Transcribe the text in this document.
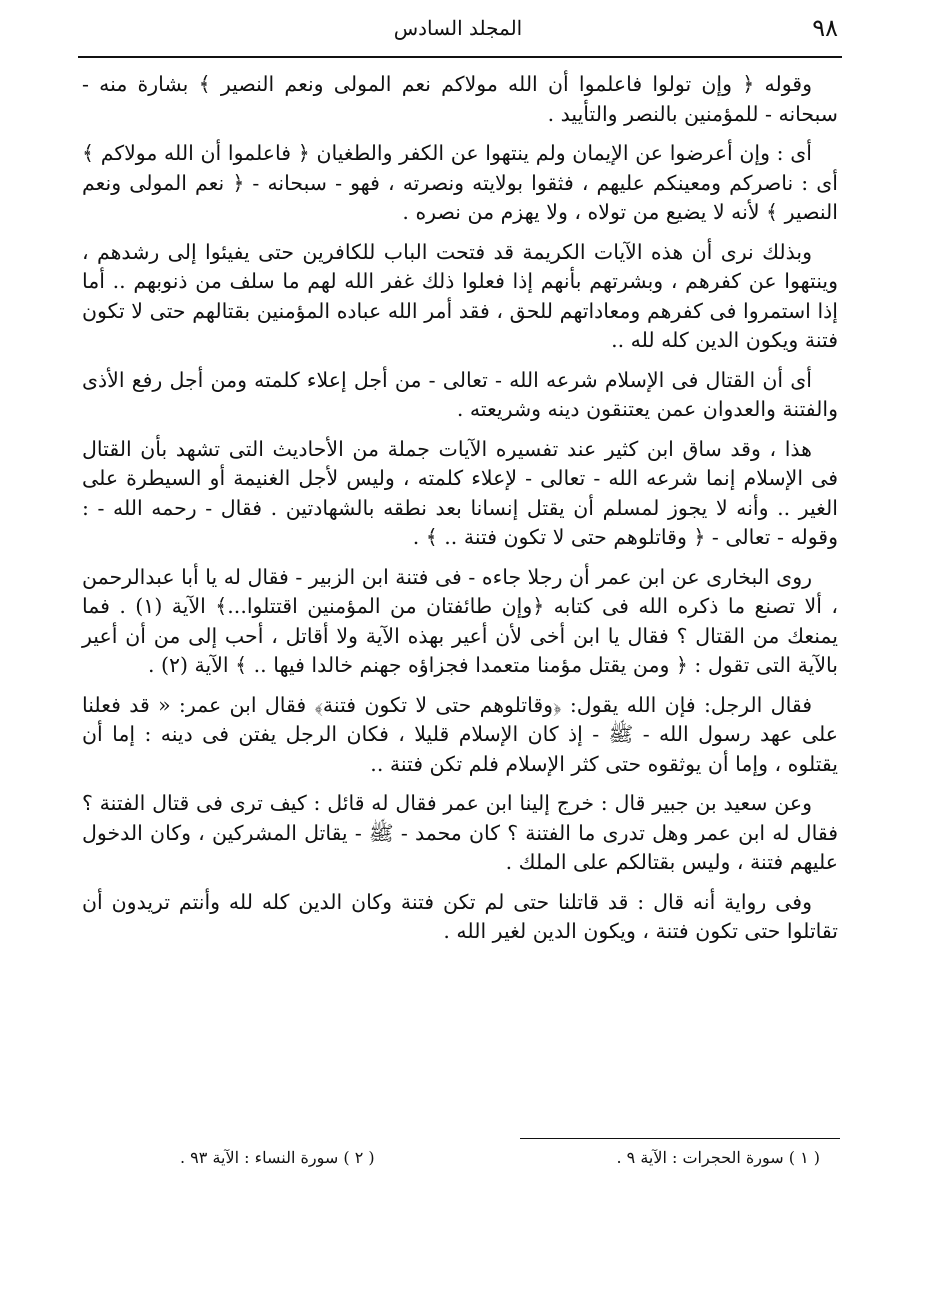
٩٨
المجلد السادس

وقوله ﴿ وإن تولوا فاعلموا أن الله مولاكم نعم المولى ونعم النصير ﴾ بشارة منه - سبحانه - للمؤمنين بالنصر والتأييد .

أى : وإن أعرضوا عن الإيمان ولم ينتهوا عن الكفر والطغيان ﴿ فاعلموا أن الله مولاكم ﴾ أى : ناصركم ومعينكم عليهم ، فثقوا بولايته ونصرته ، فهو - سبحانه - ﴿ نعم المولى ونعم النصير ﴾ لأنه لا يضيع من تولاه ، ولا يهزم من نصره .

وبذلك نرى أن هذه الآيات الكريمة قد فتحت الباب للكافرين حتى يفيئوا إلى رشدهم ، وينتهوا عن كفرهم ، وبشرتهم بأنهم إذا فعلوا ذلك غفر الله لهم ما سلف من ذنوبهم .. أما إذا استمروا فى كفرهم ومعاداتهم للحق ، فقد أمر الله عباده المؤمنين بقتالهم حتى لا تكون فتنة ويكون الدين كله لله ..

أى أن القتال فى الإسلام شرعه الله - تعالى - من أجل إعلاء كلمته ومن أجل رفع الأذى والفتنة والعدوان عمن يعتنقون دينه وشريعته .

هذا ، وقد ساق ابن كثير عند تفسيره الآيات جملة من الأحاديث التى تشهد بأن القتال فى الإسلام إنما شرعه الله - تعالى - لإعلاء كلمته ، وليس لأجل الغنيمة أو السيطرة على الغير .. وأنه لا يجوز لمسلم أن يقتل إنسانا بعد نطقه بالشهادتين . فقال - رحمه الله - : وقوله - تعالى - ﴿ وقاتلوهم حتى لا تكون فتنة .. ﴾ .

روى البخارى عن ابن عمر أن رجلا جاءه - فى فتنة ابن الزبير - فقال له يا أبا عبدالرحمن ، ألا تصنع ما ذكره الله فى كتابه ﴿وإن طائفتان من المؤمنين اقتتلوا...﴾ الآية (١) . فما يمنعك من القتال ؟ فقال يا ابن أخى لأن أعير بهذه الآية ولا أقاتل ، أحب إلى من أن أعير بالآية التى تقول : ﴿ ومن يقتل مؤمنا متعمدا فجزاؤه جهنم خالدا فيها .. ﴾ الآية (٢) .

فقال الرجل: فإن الله يقول: ﴿وقاتلوهم حتى لا تكون فتنة﴾ فقال ابن عمر: « قد فعلنا على عهد رسول الله - ﷺ - إذ كان الإسلام قليلا ، فكان الرجل يفتن فى دينه : إما أن يقتلوه ، وإما أن يوثقوه حتى كثر الإسلام فلم تكن فتنة ..

وعن سعيد بن جبير قال : خرج إلينا ابن عمر فقال له قائل : كيف ترى فى قتال الفتنة ؟ فقال له ابن عمر وهل تدرى ما الفتنة ؟ كان محمد - ﷺ - يقاتل المشركين ، وكان الدخول عليهم فتنة ، وليس بقتالكم على الملك .

وفى رواية أنه قال : قد قاتلنا حتى لم تكن فتنة وكان الدين كله لله وأنتم تريدون أن تقاتلوا حتى تكون فتنة ، ويكون الدين لغير الله .

( ١ ) سورة الحجرات : الآية ٩ .
( ٢ ) سورة النساء : الآية ٩٣ .
